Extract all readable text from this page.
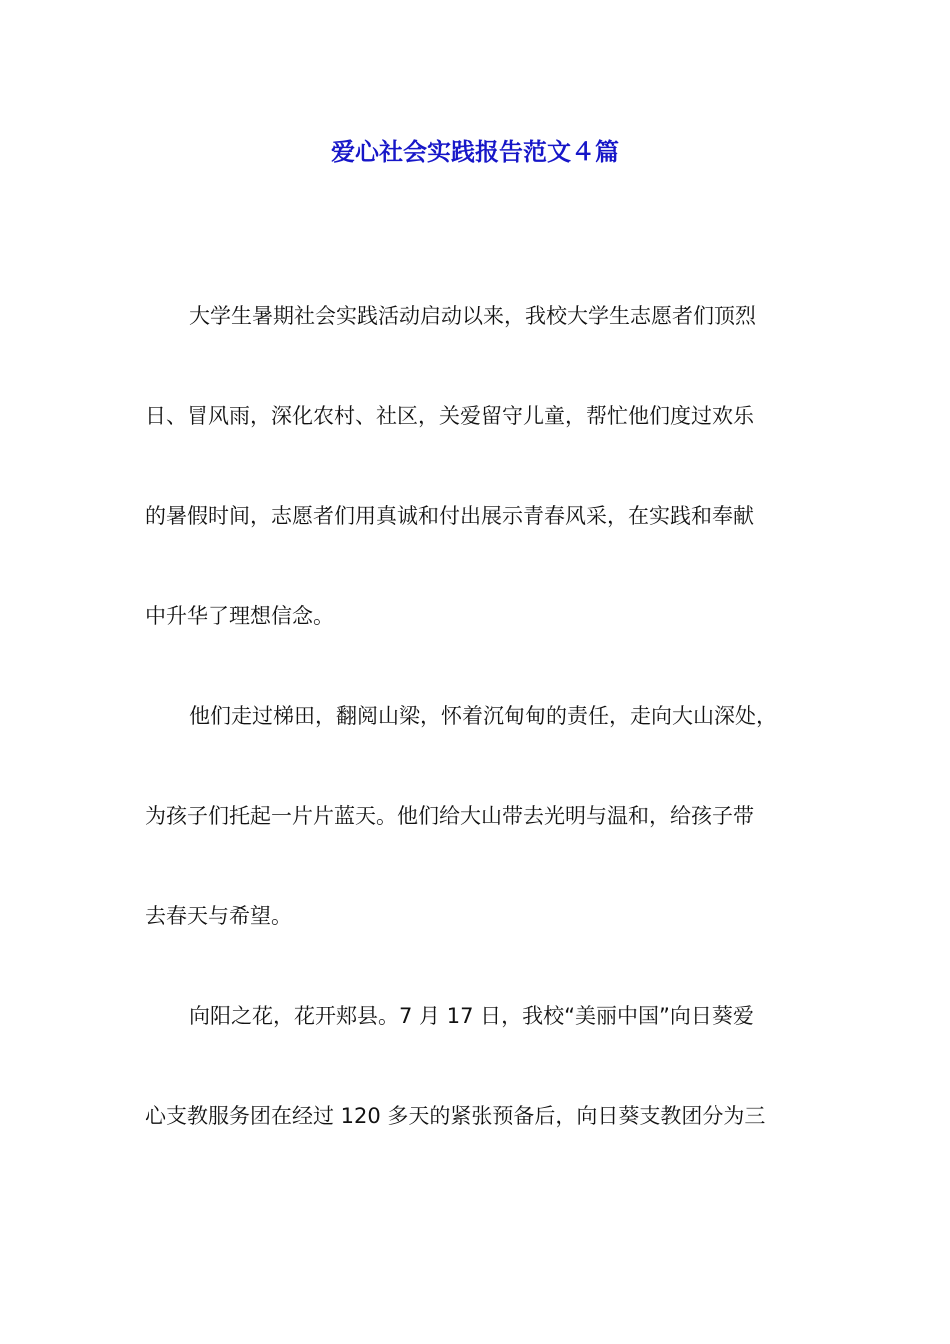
爱心社会实践报告范文４篇
大学生暑期社会实践活动启动以来，我校大学生志愿者们顶烈
日、冒风雨，深化农村、社区，关爱留守儿童，帮忙他们度过欢乐
的暑假时间，志愿者们用真诚和付出展示青春风采，在实践和奉献
中升华了理想信念。
他们走过梯田，翻阅山梁，怀着沉甸甸的责任，走向大山深处，
为孩子们托起一片片蓝天。他们给大山带去光明与温和，给孩子带
去春天与希望。
向阳之花，花开郏县。7 月 17 日，我校“美丽中国”向日葵爱
心支教服务团在经过 120 多天的紧张预备后，向日葵支教团分为三
